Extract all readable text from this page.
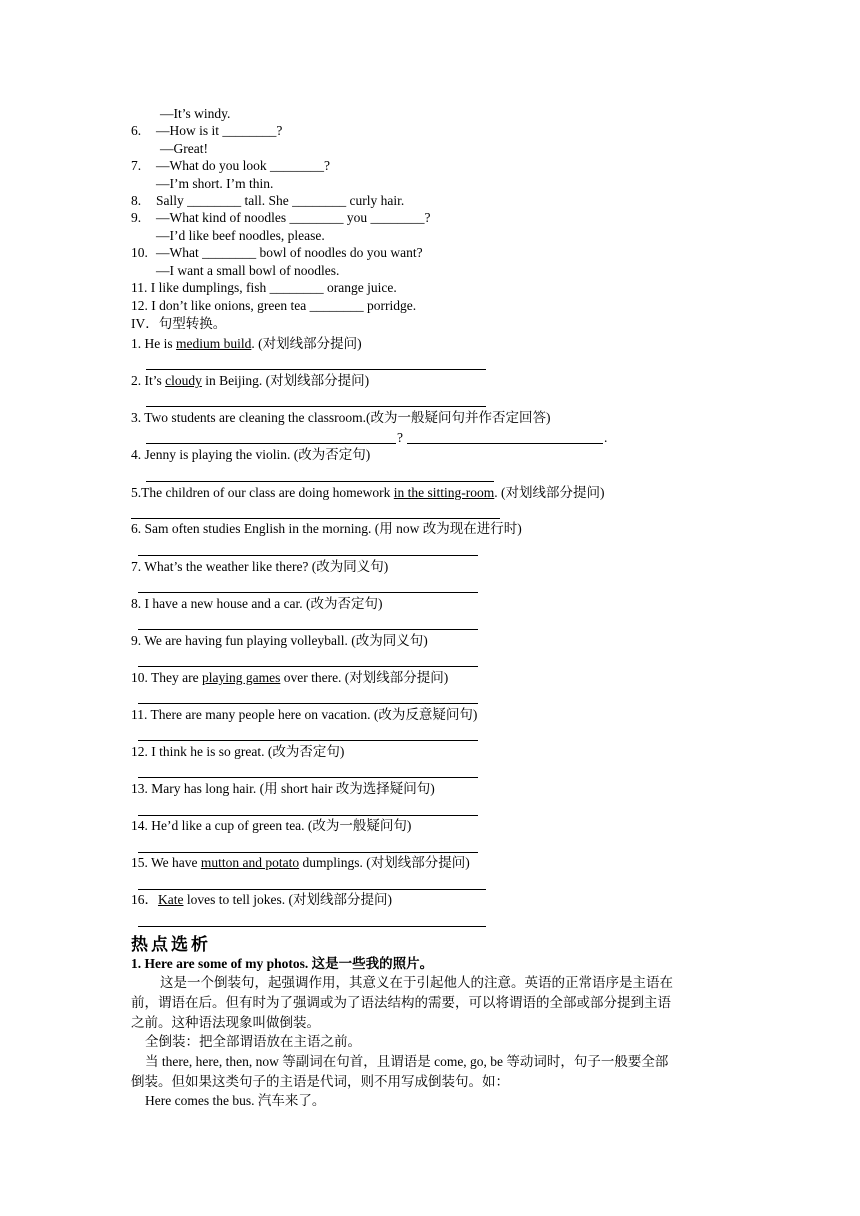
—It’s windy.
6. —How is it ________?
—Great!
7. —What do you look ________?
—I’m short. I’m thin.
8. Sally ________ tall. She ________ curly hair.
9. —What kind of noodles ________ you ________?
—I’d like beef noodles, please.
10. —What ________ bowl of noodles do you want?
—I want a small bowl of noodles.
11. I like dumplings, fish ________ orange juice.
12. I don’t like onions, green tea ________ porridge.
IV．句型转换。
1. He is medium build. (对划线部分提问)
2. It’s cloudy in Beijing. (对划线部分提问)
3. Two students are cleaning the classroom.(改为一般疑问句并作否定回答)
?	.
4. Jenny is playing the violin. (改为否定句)
5.The children of our class are doing homework in the sitting-room. (对划线部分提问)
6. Sam often studies English in the morning. (用 now 改为现在进行时)
7. What’s the weather like there? (改为同义句)
8. I have a new house and a car. (改为否定句)
9. We are having fun playing volleyball. (改为同义句)
10. They are playing games over there. (对划线部分提问)
11. There are many people here on vacation. (改为反意疑问句)
12. I think he is so great. (改为否定句)
13. Mary has long hair. (用 short hair 改为选择疑问句)
14. He’d like a cup of green tea. (改为一般疑问句)
15. We have mutton and potato dumplings. (对划线部分提问)
16．Kate loves to tell jokes. (对划线部分提问)
热点选析
1. Here are some of my photos. 这是一些我的照片。
这是一个倒装句，起强调作用，其意义在于引起他人的注意。英语的正常语序是主语在
前，谓语在后。但有时为了强调或为了语法结构的需要，可以将谓语的全部或部分提到主语
之前。这种语法现象叫做倒装。
全倒装：把全部谓语放在主语之前。
当 there, here, then, now 等副词在句首，且谓语是 come, go, be 等动词时，句子一般要全部
倒装。但如果这类句子的主语是代词，则不用写成倒装句。如：
Here comes the bus. 汽车来了。
